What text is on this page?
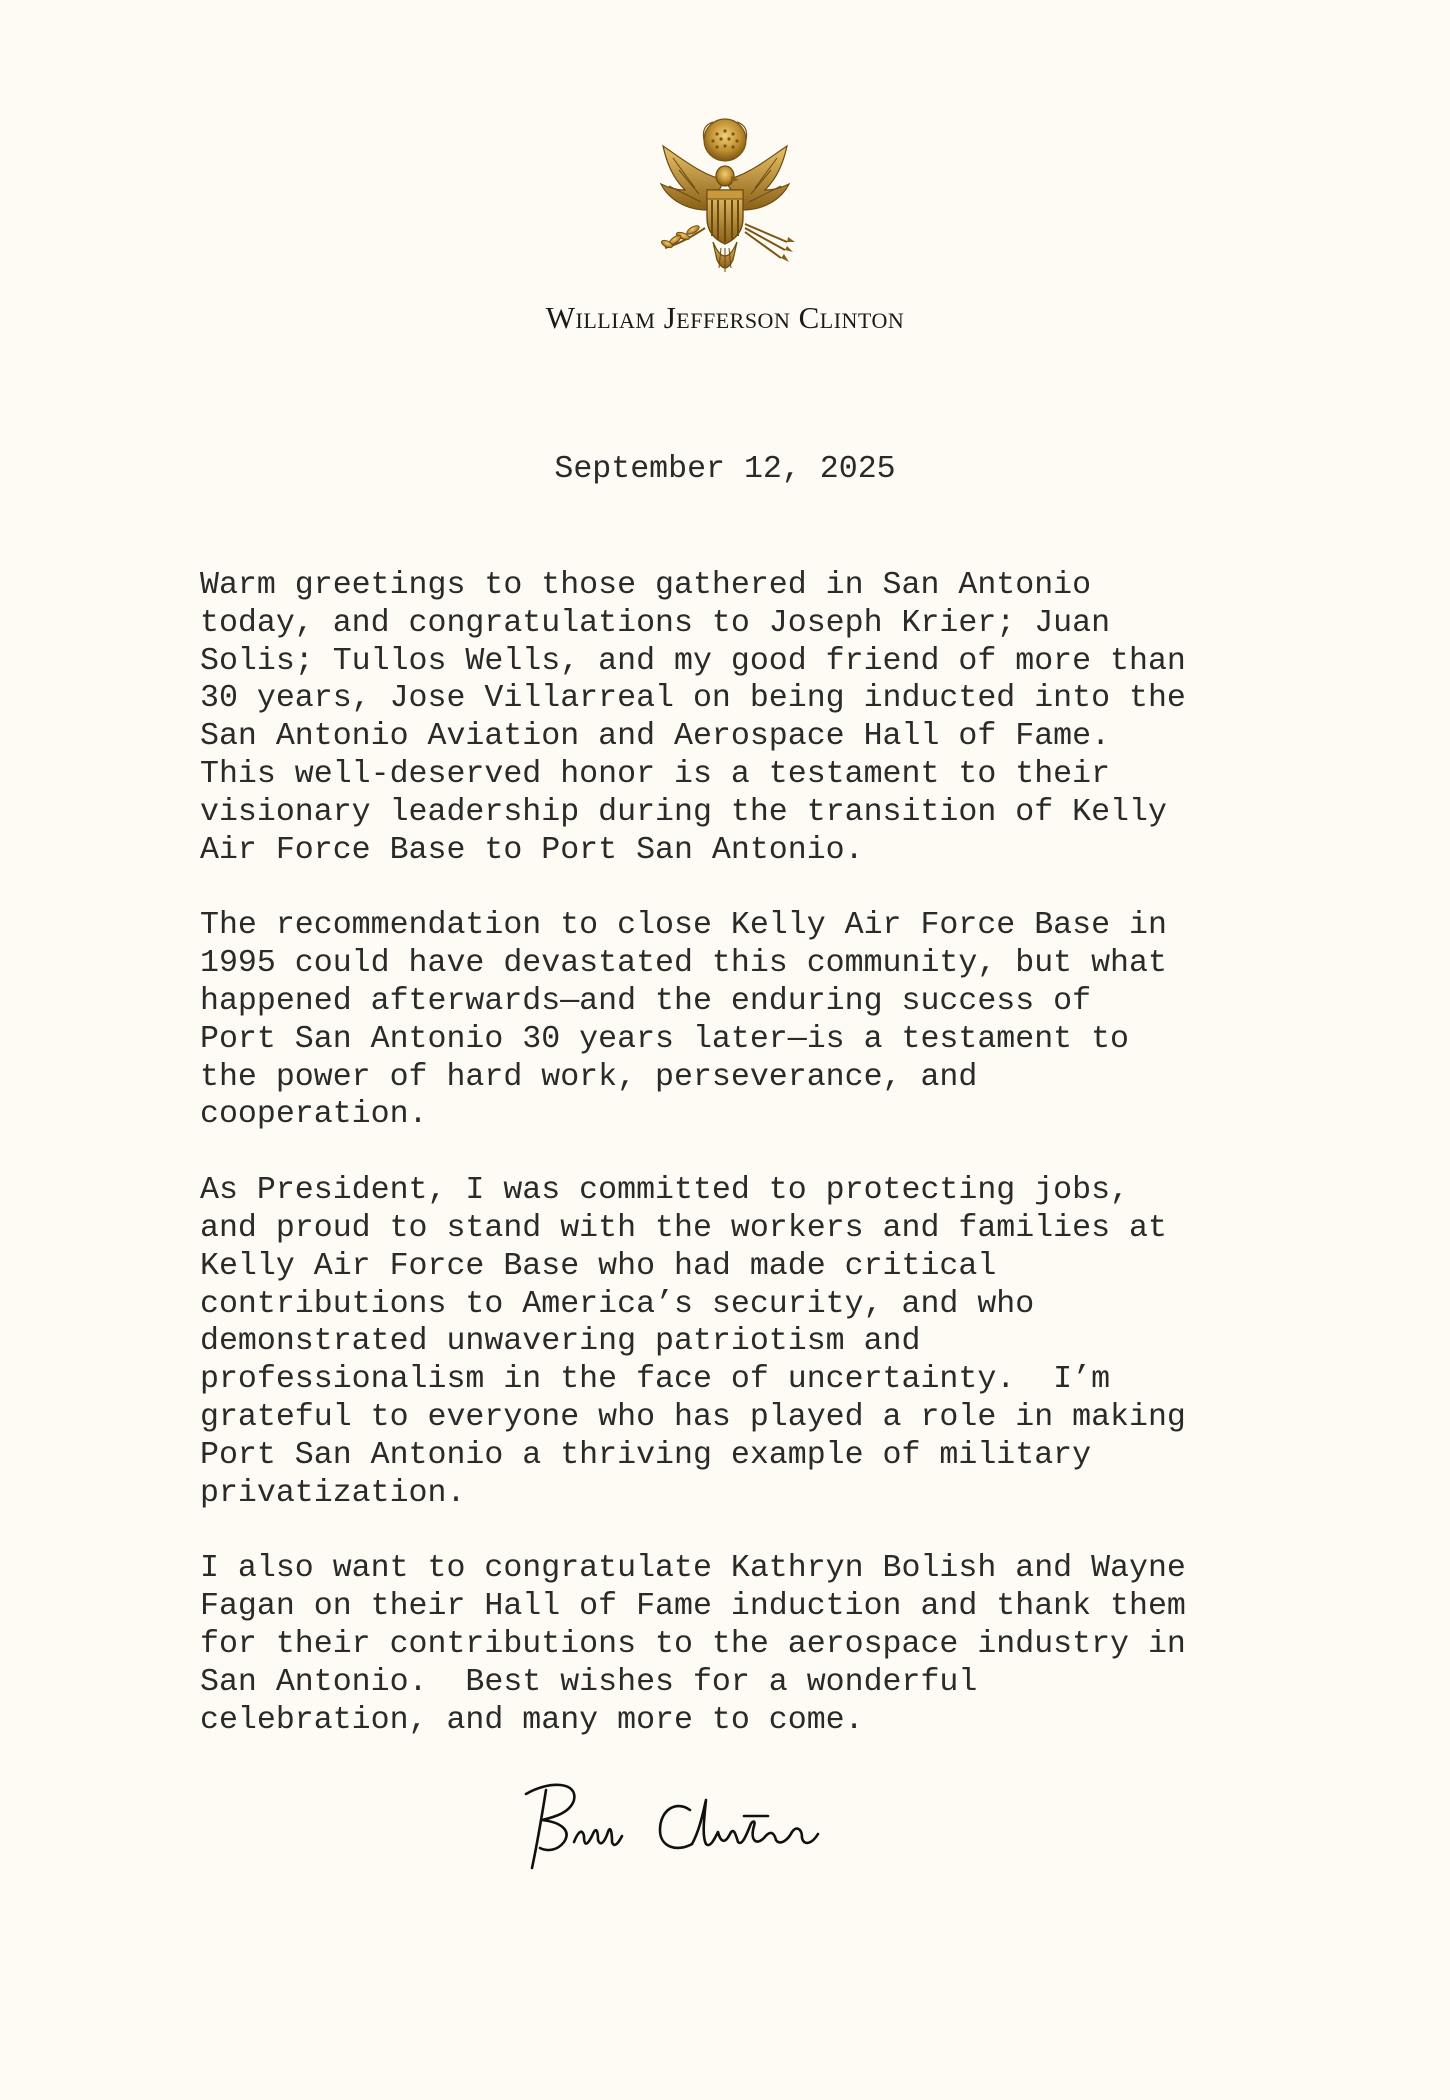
William Jefferson Clinton
September 12, 2025

Warm greetings to those gathered in San Antonio
today, and congratulations to Joseph Krier; Juan
Solis; Tullos Wells, and my good friend of more than
30 years, Jose Villarreal on being inducted into the
San Antonio Aviation and Aerospace Hall of Fame.
This well-deserved honor is a testament to their
visionary leadership during the transition of Kelly
Air Force Base to Port San Antonio.

The recommendation to close Kelly Air Force Base in
1995 could have devastated this community, but what
happened afterwards—and the enduring success of
Port San Antonio 30 years later—is a testament to
the power of hard work, perseverance, and
cooperation.

As President, I was committed to protecting jobs,
and proud to stand with the workers and families at
Kelly Air Force Base who had made critical
contributions to America’s security, and who
demonstrated unwavering patriotism and
professionalism in the face of uncertainty.  I’m
grateful to everyone who has played a role in making
Port San Antonio a thriving example of military
privatization.

I also want to congratulate Kathryn Bolish and Wayne
Fagan on their Hall of Fame induction and thank them
for their contributions to the aerospace industry in
San Antonio.  Best wishes for a wonderful
celebration, and many more to come.
